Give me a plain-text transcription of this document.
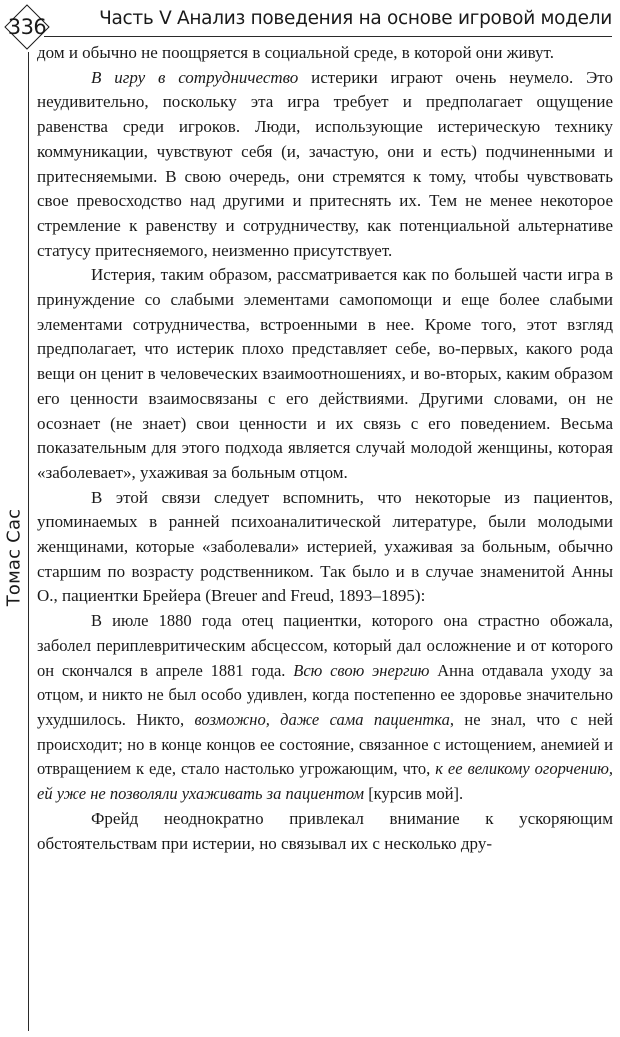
336	Часть V Анализ поведения на основе игровой модели
Томас Сас

дом и обычно не поощряется в социальной среде, в которой они живут.

В игру в сотрудничество истерики играют очень неумело. Это неудивительно, поскольку эта игра требует и предполагает ощущение равенства среди игроков. Люди, использующие истерическую технику коммуникации, чувствуют себя (и, зачастую, они и есть) подчиненными и притесняемыми. В свою очередь, они стремятся к тому, чтобы чувствовать свое превосходство над другими и притеснять их. Тем не менее некоторое стремление к равенству и сотрудничеству, как потенциальной альтернативе статусу притесняемого, неизменно присутствует.

Истерия, таким образом, рассматривается как по большей части игра в принуждение со слабыми элементами самопомощи и еще более слабыми элементами сотрудничества, встроенными в нее. Кроме того, этот взгляд предполагает, что истерик плохо представляет себе, во-первых, какого рода вещи он ценит в человеческих взаимоотношениях, и во-вторых, каким образом его ценности взаимосвязаны с его действиями. Другими словами, он не осознает (не знает) свои ценности и их связь с его поведением. Весьма показательным для этого подхода является случай молодой женщины, которая «заболевает», ухаживая за больным отцом.

В этой связи следует вспомнить, что некоторые из пациентов, упоминаемых в ранней психоаналитической литературе, были молодыми женщинами, которые «заболевали» истерией, ухаживая за больным, обычно старшим по возрасту родственником. Так было и в случае знаменитой Анны О., пациентки Брейера (Breuer and Freud, 1893–1895):

В июле 1880 года отец пациентки, которого она страстно обожала, заболел периплевритическим абсцессом, который дал осложнение и от которого он скончался в апреле 1881 года. Всю свою энергию Анна отдавала уходу за отцом, и никто не был особо удивлен, когда постепенно ее здоровье значительно ухудшилось. Никто, возможно, даже сама пациентка, не знал, что с ней происходит; но в конце концов ее состояние, связанное с истощением, анемией и отвращением к еде, стало настолько угрожающим, что, к ее великому огорчению, ей уже не позволяли ухаживать за пациентом [курсив мой].

Фрейд неоднократно привлекал внимание к ускоряющим обстоятельствам при истерии, но связывал их с несколько дру-
